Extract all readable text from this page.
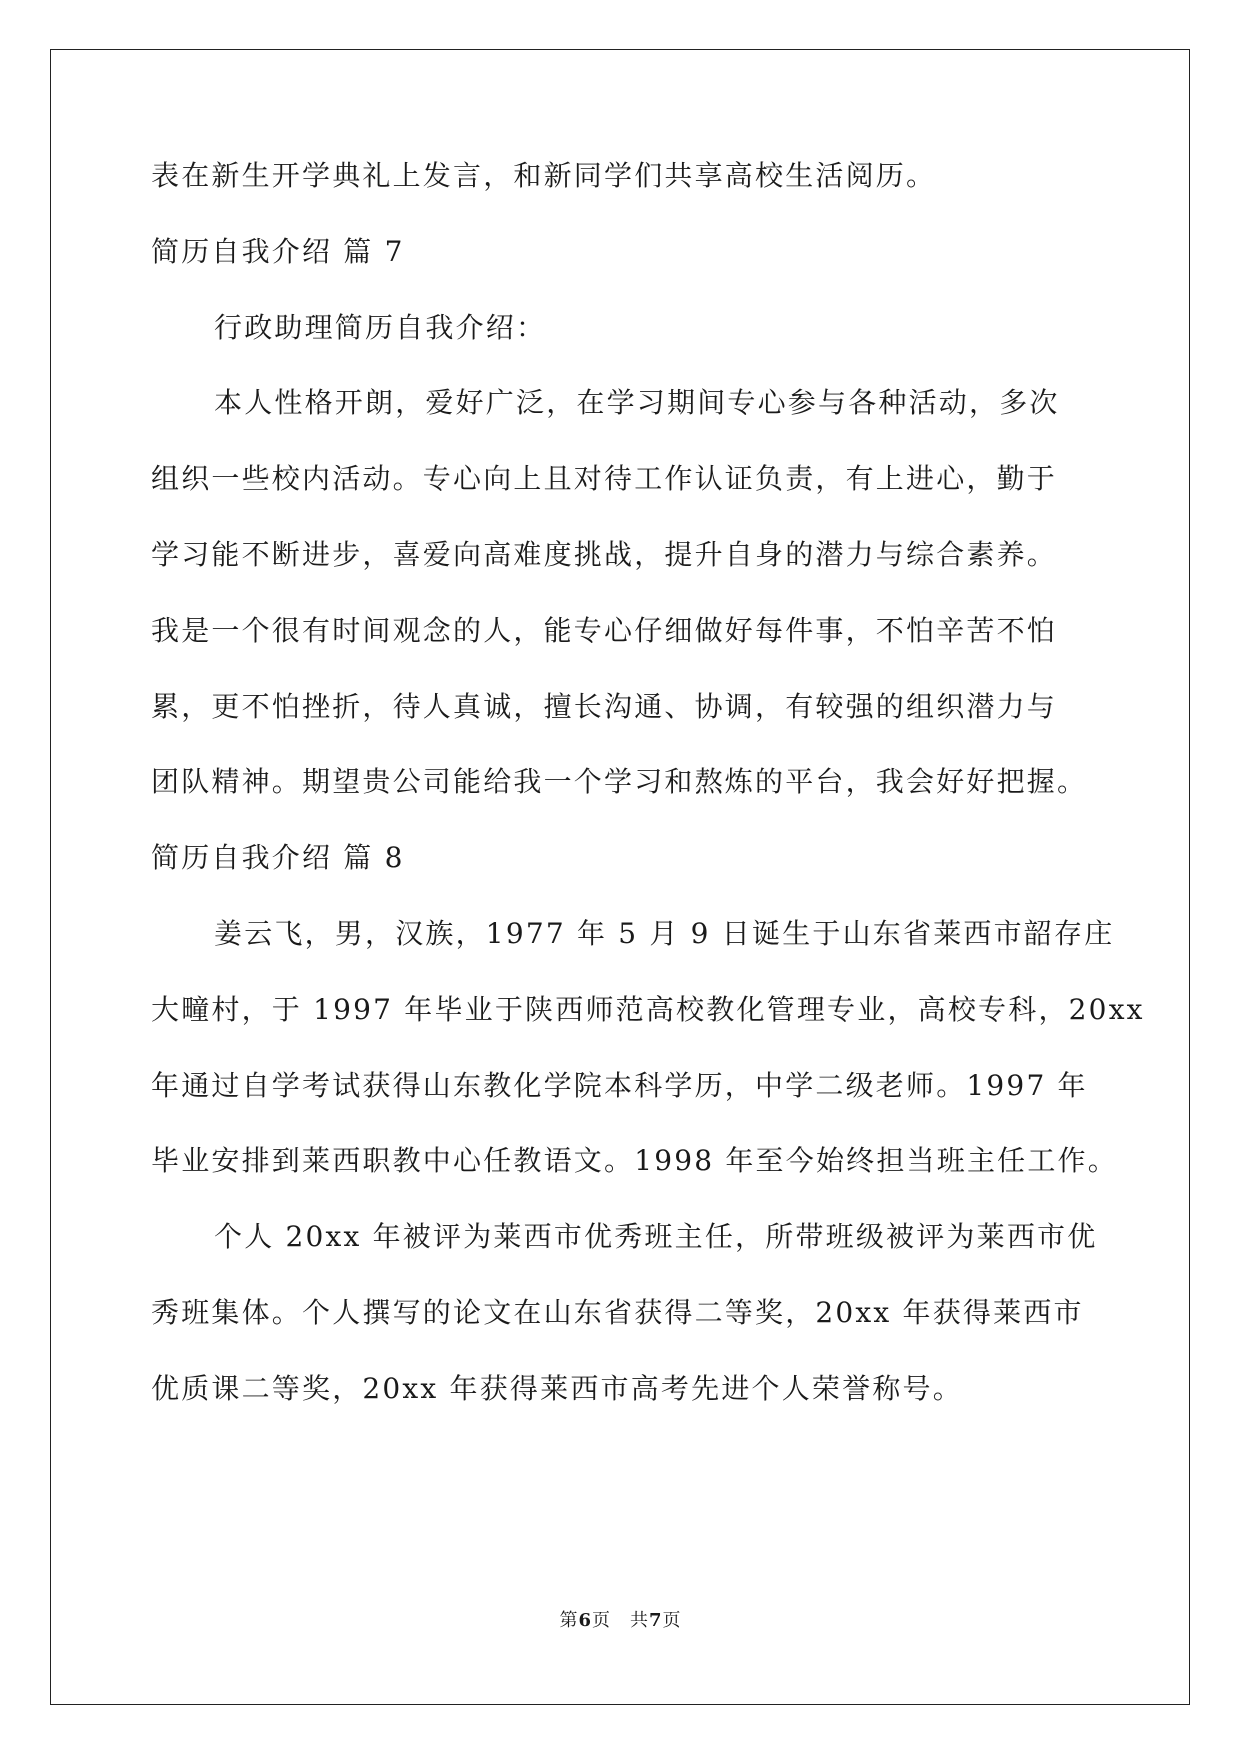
表在新生开学典礼上发言，和新同学们共享高校生活阅历。
简历自我介绍 篇 7
行政助理简历自我介绍：
本人性格开朗，爱好广泛，在学习期间专心参与各种活动，多次
组织一些校内活动。专心向上且对待工作认证负责，有上进心，勤于
学习能不断进步，喜爱向高难度挑战，提升自身的潜力与综合素养。
我是一个很有时间观念的人，能专心仔细做好每件事，不怕辛苦不怕
累，更不怕挫折，待人真诚，擅长沟通、协调，有较强的组织潜力与
团队精神。期望贵公司能给我一个学习和熬炼的平台，我会好好把握。
简历自我介绍 篇 8
姜云飞，男，汉族，1977 年 5 月 9 日诞生于山东省莱西市韶存庄
大疃村，于 1997 年毕业于陕西师范高校教化管理专业，高校专科，20xx
年通过自学考试获得山东教化学院本科学历，中学二级老师。1997 年
毕业安排到莱西职教中心任教语文。1998 年至今始终担当班主任工作。
个人 20xx 年被评为莱西市优秀班主任，所带班级被评为莱西市优
秀班集体。个人撰写的论文在山东省获得二等奖，20xx 年获得莱西市
优质课二等奖，20xx 年获得莱西市高考先进个人荣誉称号。
第6页　共7页
